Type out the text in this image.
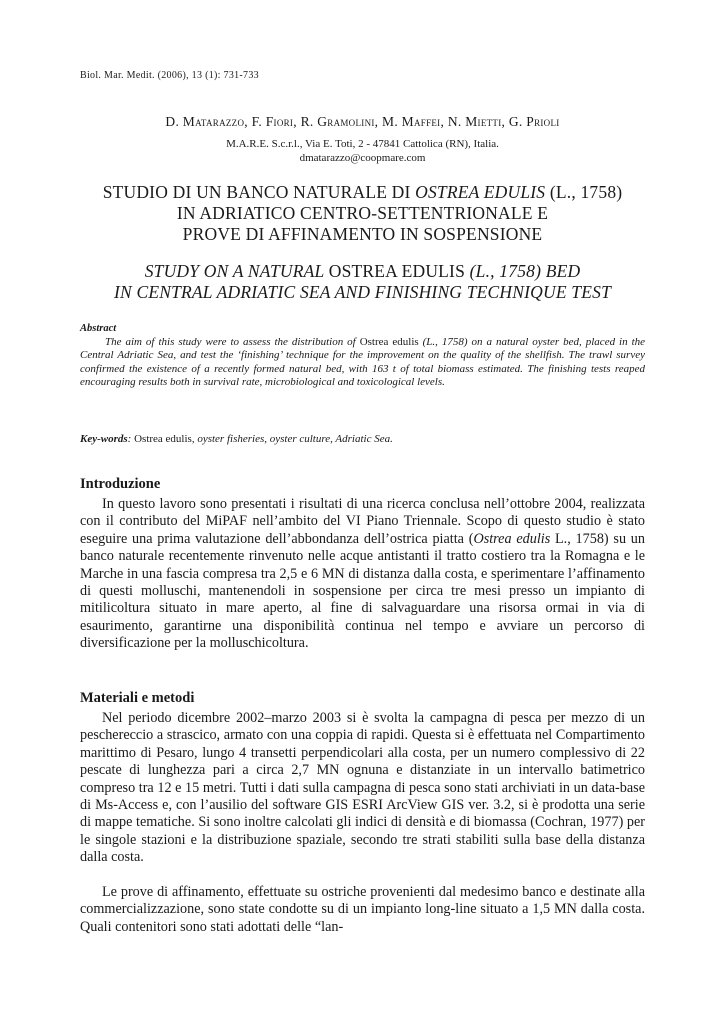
Biol. Mar. Medit. (2006), 13 (1): 731-733
D. Matarazzo, F. Fiori, R. Gramolini, M. Maffei, N. Mietti, G. Prioli
M.A.R.E. S.c.r.l., Via E. Toti, 2 - 47841 Cattolica (RN), Italia.
dmatarazzo@coopmare.com
STUDIO DI UN BANCO NATURALE DI OSTREA EDULIS (L., 1758)
IN ADRIATICO CENTRO-SETTENTRIONALE E
PROVE DI AFFINAMENTO IN SOSPENSIONE
STUDY ON A NATURAL OSTREA EDULIS (L., 1758) BED
IN CENTRAL ADRIATIC SEA AND FINISHING TECHNIQUE TEST
Abstract
The aim of this study were to assess the distribution of Ostrea edulis (L., 1758) on a natural oyster bed, placed in the Central Adriatic Sea, and test the ‘finishing’ technique for the improvement on the quality of the shellfish. The trawl survey confirmed the existence of a recently formed natural bed, with 163 t of total biomass estimated. The finishing tests reaped encouraging results both in survival rate, microbiological and toxicological levels.
Key-words: Ostrea edulis, oyster fisheries, oyster culture, Adriatic Sea.
Introduzione
In questo lavoro sono presentati i risultati di una ricerca conclusa nell’ottobre 2004, realizzata con il contributo del MiPAF nell’ambito del VI Piano Triennale. Scopo di questo studio è stato eseguire una prima valutazione dell’abbondanza dell’ostrica piatta (Ostrea edulis L., 1758) su un banco naturale recentemente rinvenuto nelle acque antistanti il tratto costiero tra la Romagna e le Marche in una fascia compresa tra 2,5 e 6 MN di distanza dalla costa, e sperimentare l’affinamento di questi molluschi, mantenendoli in sospensione per circa tre mesi presso un impianto di mitilicoltura situato in mare aperto, al fine di salvaguardare una risorsa ormai in via di esaurimento, garantirne una disponibilità continua nel tempo e avviare un percorso di diversificazione per la molluschicoltura.
Materiali e metodi
Nel periodo dicembre 2002–marzo 2003 si è svolta la campagna di pesca per mezzo di un peschereccio a strascico, armato con una coppia di rapidi. Questa si è effettuata nel Compartimento marittimo di Pesaro, lungo 4 transetti perpendicolari alla costa, per un numero complessivo di 22 pescate di lunghezza pari a circa 2,7 MN ognuna e distanziate in un intervallo batimetrico compreso tra 12 e 15 metri. Tutti i dati sulla campagna di pesca sono stati archiviati in un data-base di Ms-Access e, con l’ausilio del software GIS ESRI ArcView GIS ver. 3.2, si è prodotta una serie di mappe tematiche. Si sono inoltre calcolati gli indici di densità e di biomassa (Cochran, 1977) per le singole stazioni e la distribuzione spaziale, secondo tre strati stabiliti sulla base della distanza dalla costa.
Le prove di affinamento, effettuate su ostriche provenienti dal medesimo banco e destinate alla commercializzazione, sono state condotte su di un impianto long-line situato a 1,5 MN dalla costa. Quali contenitori sono stati adottati delle “lan-
